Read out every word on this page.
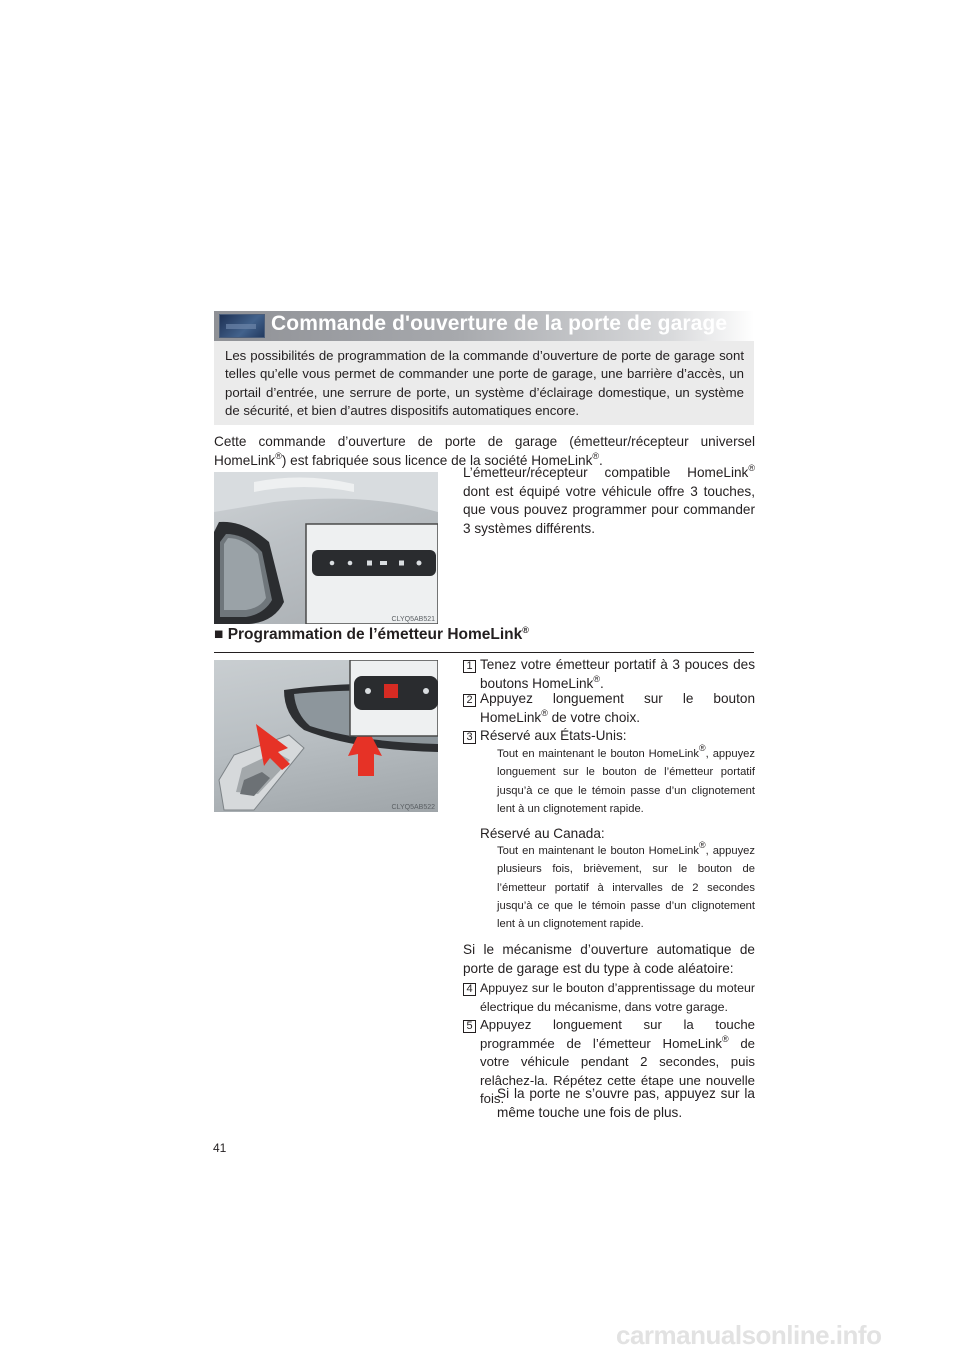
Commande d'ouverture de la porte de garage
Les possibilités de programmation de la commande d’ouverture de porte de garage sont telles qu’elle vous permet de commander une porte de garage, une barrière d’accès, un portail d’entrée, une serrure de porte, un système d’éclairage domestique, un système de sécurité, et bien d’autres dispositifs automatiques encore.
Cette commande d’ouverture de porte de garage (émetteur/récepteur universel HomeLink®) est fabriquée sous licence de la société HomeLink®.
CLYQ5AB521
L’émetteur/récepteur compatible HomeLink® dont est équipé votre véhicule offre 3 touches, que vous pouvez programmer pour commander 3 systèmes différents.
■ Programmation de l’émetteur HomeLink®
CLYQ5AB522
1 Tenez votre émetteur portatif à 3 pouces des boutons HomeLink®.
2 Appuyez longuement sur le bouton HomeLink® de votre choix.
3 Réservé aux États-Unis:
Tout en maintenant le bouton HomeLink®, appuyez longuement sur le bouton de l’émetteur portatif jusqu’à ce que le témoin passe d’un clignotement lent à un clignotement rapide.
Réservé au Canada:
Tout en maintenant le bouton HomeLink®, appuyez plusieurs fois, brièvement, sur le bouton de l’émetteur portatif à intervalles de 2 secondes jusqu’à ce que le témoin passe d’un clignotement lent à un clignotement rapide.
Si le mécanisme d’ouverture automatique de porte de garage est du type à code aléatoire:
4 Appuyez sur le bouton d’apprentissage du moteur électrique du mécanisme, dans votre garage.
5 Appuyez longuement sur la touche programmée de l’émetteur HomeLink® de votre véhicule pendant 2 secondes, puis relâchez-la. Répétez cette étape une nouvelle fois.
Si la porte ne s’ouvre pas, appuyez sur la même touche une fois de plus.
41
carmanualsonline.info
